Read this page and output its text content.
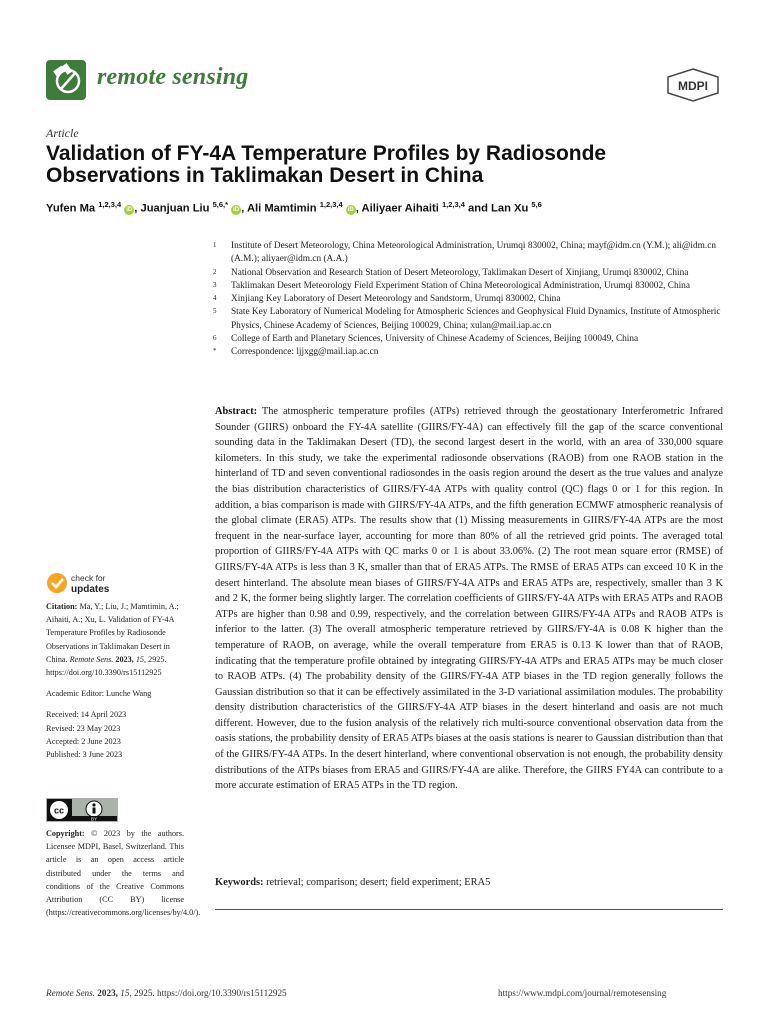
remote sensing	MDPI
Article
Validation of FY-4A Temperature Profiles by Radiosonde Observations in Taklimakan Desert in China
Yufen Ma $^{1,2,3,4}$ iD , Juanjuan Liu $^{5,6,*}$ iD , Ali Mamtimin $^{1,2,3,4}$ iD , Ailiyaer Aihaiti $^{1,2,3,4}$ and Lan Xu $^{5,6}$
1	Institute of Desert Meteorology, China Meteorological Administration, Urumqi 830002, China; mayf@idm.cn (Y.M.); ali@idm.cn (A.M.); aliyaer@idm.cn (A.A.)
2	National Observation and Research Station of Desert Meteorology, Taklimakan Desert of Xinjiang, Urumqi 830002, China
3	Taklimakan Desert Meteorology Field Experiment Station of China Meteorological Administration, Urumqi 830002, China
4	Xinjiang Key Laboratory of Desert Meteorology and Sandstorm, Urumqi 830002, China
5	State Key Laboratory of Numerical Modeling for Atmospheric Sciences and Geophysical Fluid Dynamics, Institute of Atmospheric Physics, Chinese Academy of Sciences, Beijing 100029, China; xulan@mail.iap.ac.cn
6	College of Earth and Planetary Sciences, University of Chinese Academy of Sciences, Beijing 100049, China
*	Correspondence: ljjxgg@mail.iap.ac.cn
Abstract: The atmospheric temperature profiles (ATPs) retrieved through the geostationary Interferometric Infrared Sounder (GIIRS) onboard the FY-4A satellite (GIIRS/FY-4A) can effectively fill the gap of the scarce conventional sounding data in the Taklimakan Desert (TD), the second largest desert in the world, with an area of 330,000 square kilometers. In this study, we take the experimental radiosonde observations (RAOB) from one RAOB station in the hinterland of TD and seven conventional radiosondes in the oasis region around the desert as the true values and analyze the bias distribution characteristics of GIIRS/FY-4A ATPs with quality control (QC) flags 0 or 1 for this region. In addition, a bias comparison is made with GIIRS/FY-4A ATPs, and the fifth generation ECMWF atmospheric reanalysis of the global climate (ERA5) ATPs. The results show that (1) Missing measurements in GIIRS/FY-4A ATPs are the most frequent in the near-surface layer, accounting for more than 80% of all the retrieved grid points. The averaged total proportion of GIIRS/FY-4A ATPs with QC marks 0 or 1 is about 33.06%. (2) The root mean square error (RMSE) of GIIRS/FY-4A ATPs is less than 3 K, smaller than that of ERA5 ATPs. The RMSE of ERA5 ATPs can exceed 10 K in the desert hinterland. The absolute mean biases of GIIRS/FY-4A ATPs and ERA5 ATPs are, respectively, smaller than 3 K and 2 K, the former being slightly larger. The correlation coefficients of GIIRS/FY-4A ATPs with ERA5 ATPs and RAOB ATPs are higher than 0.98 and 0.99, respectively, and the correlation between GIIRS/FY-4A ATPs and RAOB ATPs is inferior to the latter. (3) The overall atmospheric temperature retrieved by GIIRS/FY-4A is 0.08 K higher than the temperature of RAOB, on average, while the overall temperature from ERA5 is 0.13 K lower than that of RAOB, indicating that the temperature profile obtained by integrating GIIRS/FY-4A ATPs and ERA5 ATPs may be much closer to RAOB ATPs. (4) The probability density of the GIIRS/FY-4A ATP biases in the TD region generally follows the Gaussian distribution so that it can be effectively assimilated in the 3-D variational assimilation modules. The probability density distribution characteristics of the GIIRS/FY-4A ATP biases in the desert hinterland and oasis are not much different. However, due to the fusion analysis of the relatively rich multi-source conventional observation data from the oasis stations, the probability density of ERA5 ATPs biases at the oasis stations is nearer to Gaussian distribution than that of the GIIRS/FY-4A ATPs. In the desert hinterland, where conventional observation is not enough, the probability density distributions of the ATPs biases from ERA5 and GIIRS/FY-4A are alike. Therefore, the GIIRS FY4A can contribute to a more accurate estimation of ERA5 ATPs in the TD region.
Keywords: retrieval; comparison; desert; field experiment; ERA5
check for
updates

Citation: Ma, Y.; Liu, J.; Mamtimin, A.; Aihaiti, A.; Xu, L. Validation of FY-4A Temperature Profiles by Radiosonde Observations in Taklimakan Desert in China. Remote Sens. 2023, 15, 2925. https://doi.org/10.3390/rs15112925

Academic Editor: Lunche Wang

Received: 14 April 2023

Revised: 23 May 2023

Accepted: 2 June 2023

Published: 3 June 2023

cc
BY
Copyright: © 2023 by the authors. Licensee MDPI, Basel, Switzerland. This article is an open access article distributed under the terms and conditions of the Creative Commons Attribution (CC BY) license (https://creativecommons.org/licenses/by/4.0/).
Remote Sens. 2023, 15, 2925. https://doi.org/10.3390/rs15112925	https://www.mdpi.com/journal/remotesensing
